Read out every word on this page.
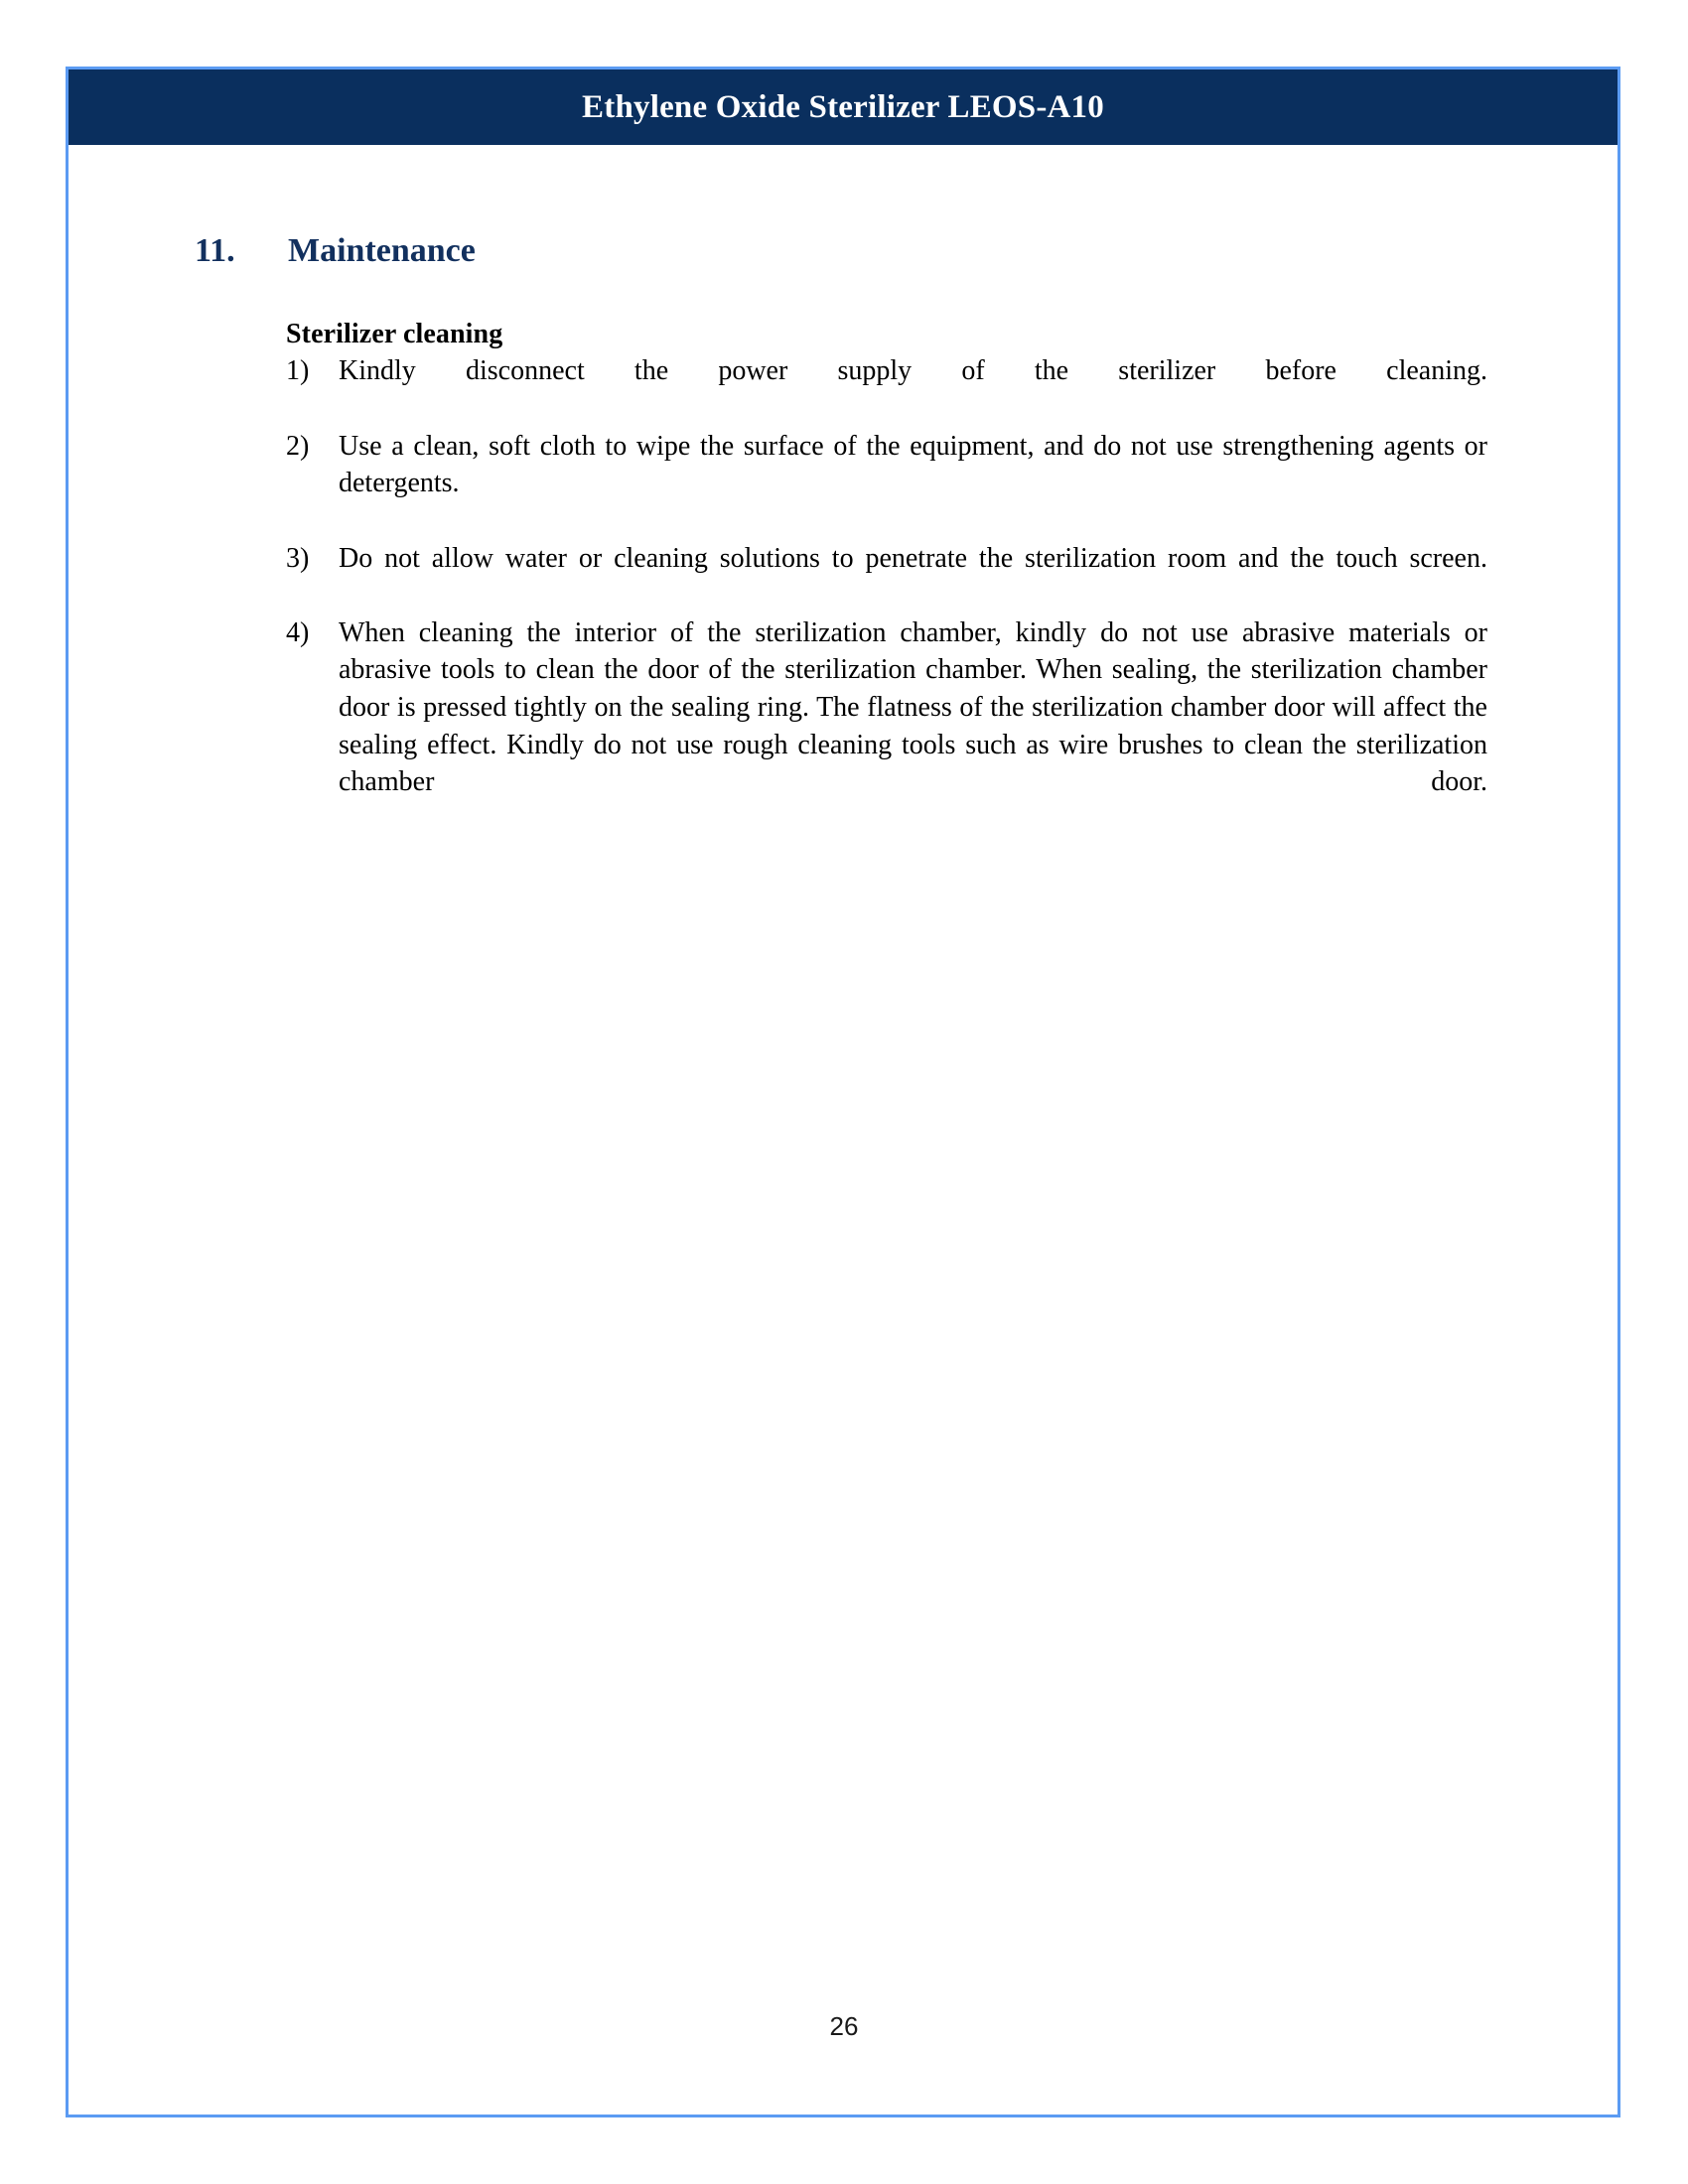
Ethylene Oxide Sterilizer LEOS-A10
11.	Maintenance

Sterilizer cleaning

1)	Kindly disconnect the power supply of the sterilizer before cleaning.
2)	Use a clean, soft cloth to wipe the surface of the equipment, and do not use strengthening agents or detergents.
3)	Do not allow water or cleaning solutions to penetrate the sterilization room and the touch screen.
4)	When cleaning the interior of the sterilization chamber, kindly do not use abrasive materials or abrasive tools to clean the door of the sterilization chamber. When sealing, the sterilization chamber door is pressed tightly on the sealing ring. The flatness of the sterilization chamber door will affect the sealing effect. Kindly do not use rough cleaning tools such as wire brushes to clean the sterilization chamber door.
26
